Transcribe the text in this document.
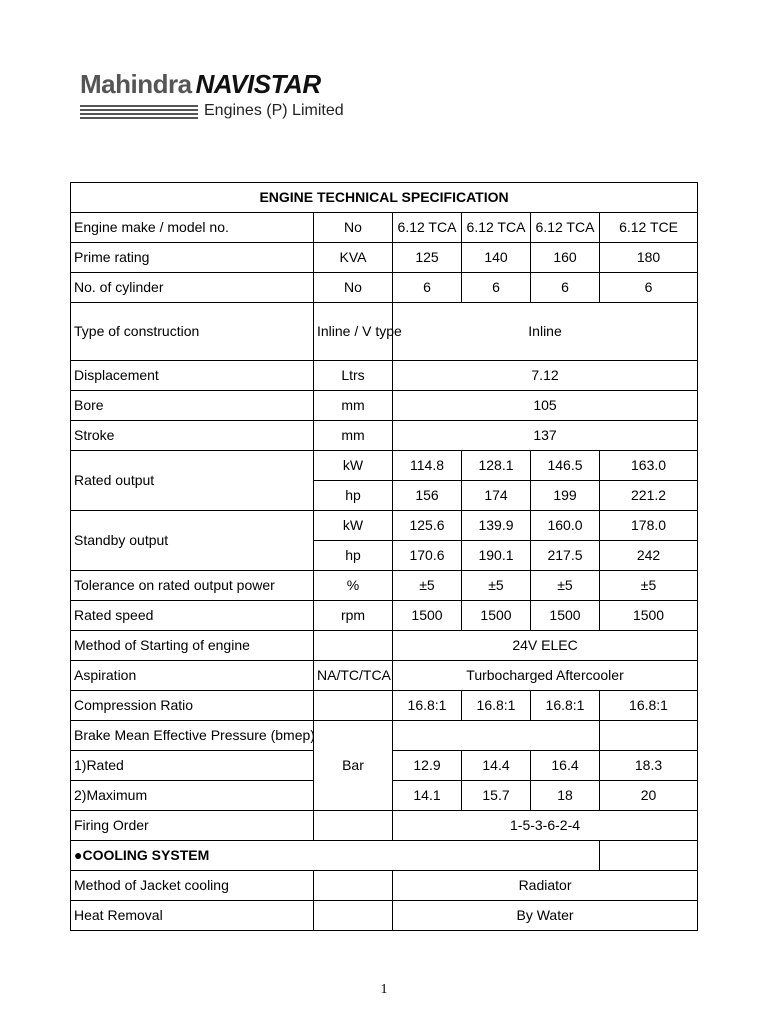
Mahindra NAVISTAR
Engines (P) Limited
ENGINE TECHNICAL SPECIFICATION					
Engine make / model no.	No	6.12 TCA	6.12 TCA	6.12 TCA	6.12 TCE
Prime rating	KVA	125	140	160	180
No. of cylinder	No	6	6	6	6
Type of construction	Inline / V type	Inline			
Displacement	Ltrs	7.12			
Bore	mm	105			
Stroke	mm	137			
Rated output	kW	114.8	128.1	146.5	163.0
	hp	156	174	199	221.2
Standby output	kW	125.6	139.9	160.0	178.0
	hp	170.6	190.1	217.5	242
Tolerance on rated output power	%	±5	±5	±5	±5
Rated speed	rpm	1500	1500	1500	1500
Method of Starting of engine		24V ELEC			
Aspiration	NA/TC/TCA	Turbocharged Aftercooler			
Compression Ratio		16.8:1	16.8:1	16.8:1	16.8:1
Brake Mean Effective Pressure (bmep)	Bar				
1)Rated		12.9	14.4	16.4	18.3
2)Maximum		14.1	15.7	18	20
Firing Order		1-5-3-6-2-4			
●COOLING SYSTEM					
Method of Jacket cooling		Radiator			
Heat Removal		By Water			
1
